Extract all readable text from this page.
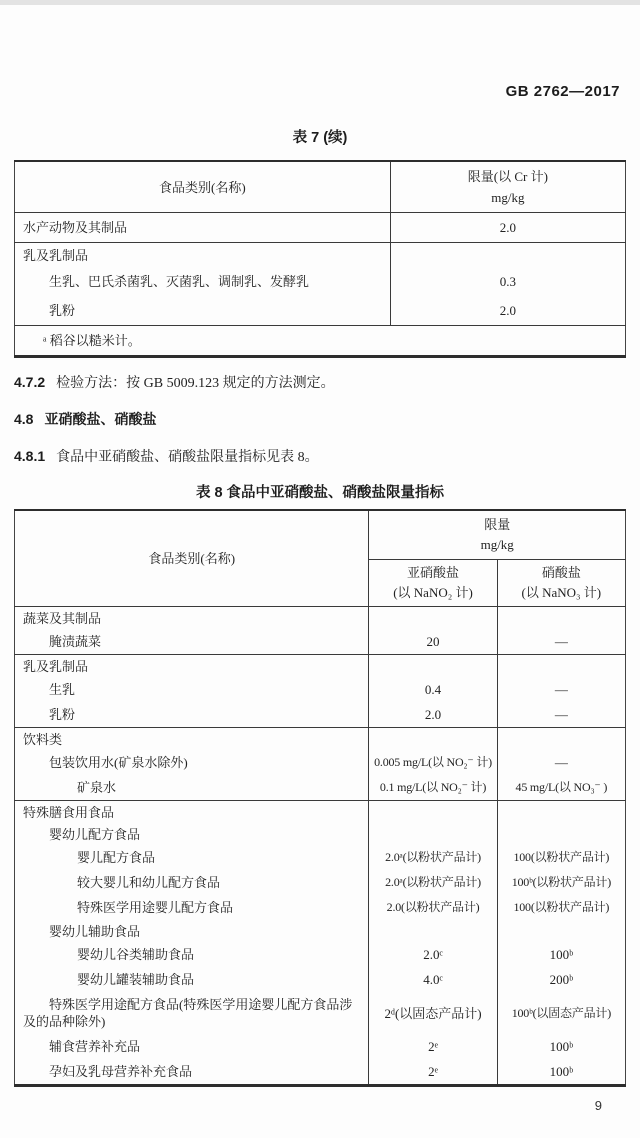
GB 2762—2017
表 7 (续)
食品类别(名称)	限量(以 Cr 计)
mg/kg

水产动物及其制品	2.0
乳及乳制品	
生乳、巴氏杀菌乳、灭菌乳、调制乳、发酵乳	0.3
乳粉	2.0
ᵃ 稻谷以糙米计。	

4.7.2 检验方法：按 GB 5009.123 规定的方法测定。

4.8 亚硝酸盐、硝酸盐

4.8.1 食品中亚硝酸盐、硝酸盐限量指标见表 8。

表 8 食品中亚硝酸盐、硝酸盐限量指标
食品类别(名称)	限量
mg/kg	

亚硝酸盐
(以 NaNO₂ 计)

硝酸盐
(以 NaNO₃ 计)

蔬菜及其制品		
腌渍蔬菜	20	—
乳及乳制品		
生乳	0.4	—
乳粉	2.0	—
饮料类		
包装饮用水(矿泉水除外)	0.005 mg/L(以 NO₂⁻ 计)	—
矿泉水	0.1 mg/L(以 NO₂⁻ 计)	45 mg/L(以 NO₃⁻ )
特殊膳食用食品		
婴幼儿配方食品		
婴儿配方食品	2.0ᵃ(以粉状产品计)	100(以粉状产品计)
较大婴儿和幼儿配方食品	2.0ᵃ(以粉状产品计)	100ᵇ(以粉状产品计)
特殊医学用途婴儿配方食品	2.0(以粉状产品计)	100(以粉状产品计)
婴幼儿辅助食品		
婴幼儿谷类辅助食品	2.0ᶜ	100ᵇ
婴幼儿罐装辅助食品	4.0ᶜ	200ᵇ
特殊医学用途配方食品(特殊医学用途婴儿配方食品涉及的品种除外)	2ᵈ(以固态产品计)	100ᵇ(以固态产品计)
辅食营养补充品	2ᵉ	100ᵇ
孕妇及乳母营养补充食品	2ᵉ	100ᵇ
9
